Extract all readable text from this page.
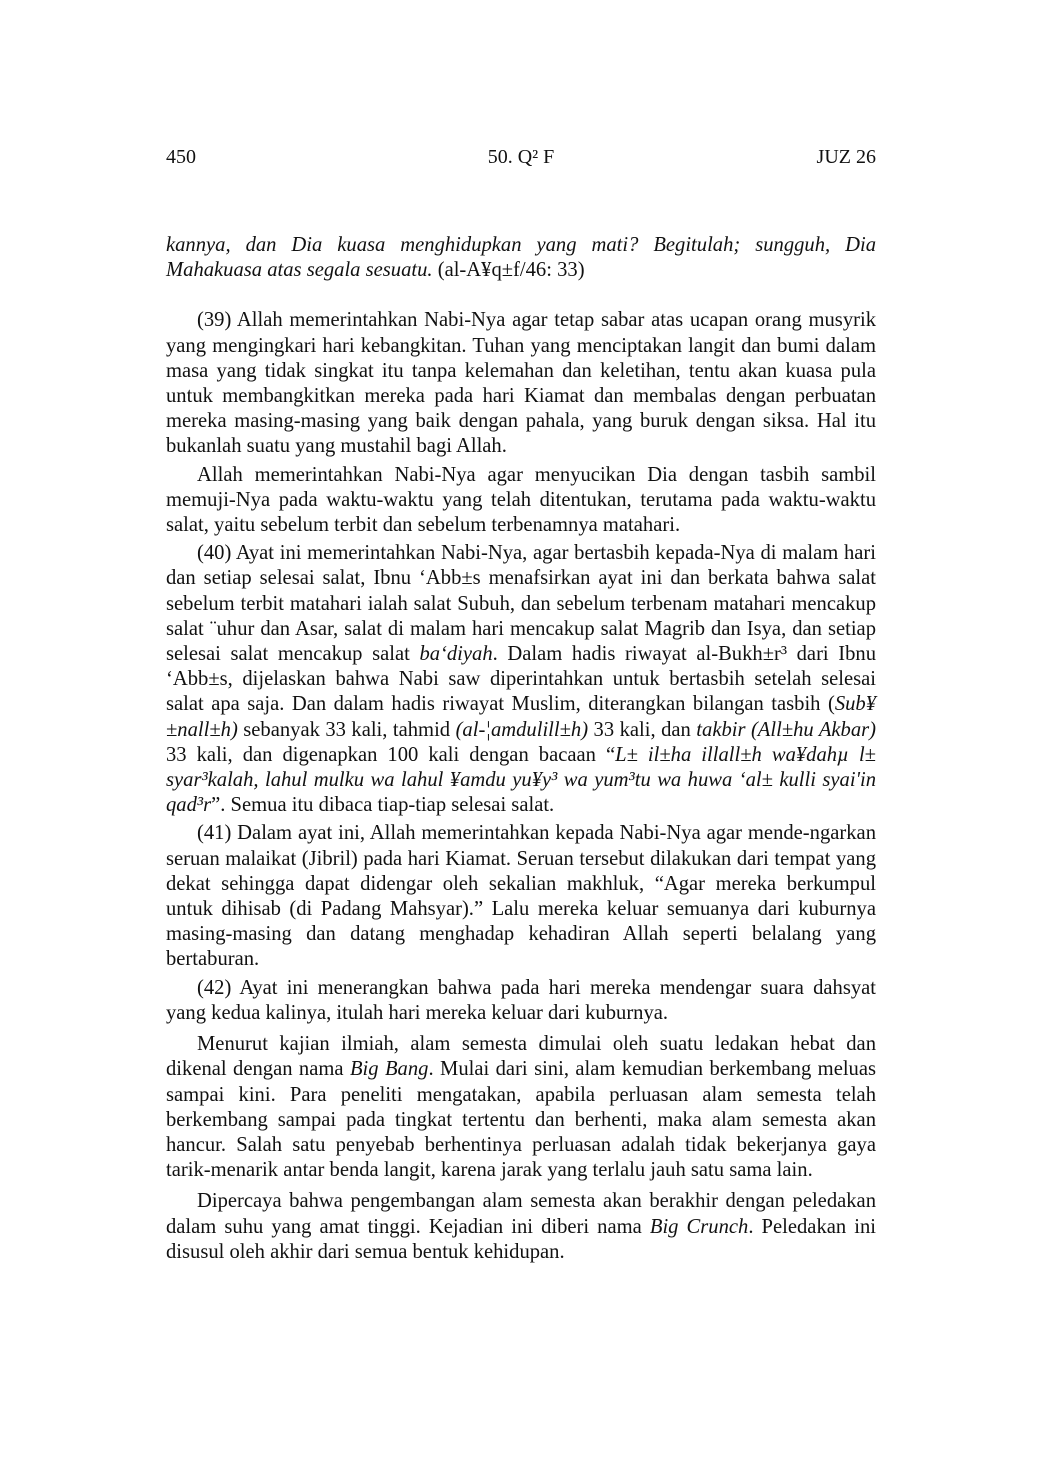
450	50. Q² F	JUZ 26

kannya, dan Dia kuasa menghidupkan yang mati? Begitulah; sungguh, Dia Mahakuasa atas segala sesuatu. (al-A¥q±f/46: 33)

(39) Allah memerintahkan Nabi-Nya agar tetap sabar atas ucapan orang musyrik yang mengingkari hari kebangkitan. Tuhan yang menciptakan langit dan bumi dalam masa yang tidak singkat itu tanpa kelemahan dan keletihan, tentu akan kuasa pula untuk membangkitkan mereka pada hari Kiamat dan membalas dengan perbuatan mereka masing-masing yang baik dengan pahala, yang buruk dengan siksa. Hal itu bukanlah suatu yang mustahil bagi Allah.

Allah memerintahkan Nabi-Nya agar menyucikan Dia dengan tasbih sambil memuji-Nya pada waktu-waktu yang telah ditentukan, terutama pada waktu-waktu salat, yaitu sebelum terbit dan sebelum terbenamnya matahari.

(40) Ayat ini memerintahkan Nabi-Nya, agar bertasbih kepada-Nya di malam hari dan setiap selesai salat, Ibnu ‘Abb±s menafsirkan ayat ini dan berkata bahwa salat sebelum terbit matahari ialah salat Subuh, dan sebelum terbenam matahari mencakup salat ¨uhur dan Asar, salat di malam hari mencakup salat Magrib dan Isya, dan setiap selesai salat mencakup salat ba‘diyah. Dalam hadis riwayat al-Bukh±r³ dari Ibnu ‘Abb±s, dijelaskan bahwa Nabi saw diperintahkan untuk bertasbih setelah selesai salat apa saja. Dan dalam hadis riwayat Muslim, diterangkan bilangan tasbih (Sub¥±nall±h) sebanyak 33 kali, tahmid (al-¦amdulill±h) 33 kali, dan takbir (All±hu Akbar) 33 kali, dan digenapkan 100 kali dengan bacaan “L± il±ha illall±h wa¥dahµ l± syar³kalah, lahul mulku wa lahul ¥amdu yu¥y³ wa yum³tu wa huwa ‘al± kulli syai'in qad³r”. Semua itu dibaca tiap-tiap selesai salat.

(41) Dalam ayat ini, Allah memerintahkan kepada Nabi-Nya agar mende-ngarkan seruan malaikat (Jibril) pada hari Kiamat. Seruan tersebut dilakukan dari tempat yang dekat sehingga dapat didengar oleh sekalian makhluk, “Agar mereka berkumpul untuk dihisab (di Padang Mahsyar).” Lalu mereka keluar semuanya dari kuburnya masing-masing dan datang menghadap kehadiran Allah seperti belalang yang bertaburan.

(42) Ayat ini menerangkan bahwa pada hari mereka mendengar suara dahsyat yang kedua kalinya, itulah hari mereka keluar dari kuburnya.

Menurut kajian ilmiah, alam semesta dimulai oleh suatu ledakan hebat dan dikenal dengan nama Big Bang. Mulai dari sini, alam kemudian berkembang meluas sampai kini. Para peneliti mengatakan, apabila perluasan alam semesta telah berkembang sampai pada tingkat tertentu dan berhenti, maka alam semesta akan hancur. Salah satu penyebab berhentinya perluasan adalah tidak bekerjanya gaya tarik-menarik antar benda langit, karena jarak yang terlalu jauh satu sama lain.

Dipercaya bahwa pengembangan alam semesta akan berakhir dengan peledakan dalam suhu yang amat tinggi. Kejadian ini diberi nama Big Crunch. Peledakan ini disusul oleh akhir dari semua bentuk kehidupan.
